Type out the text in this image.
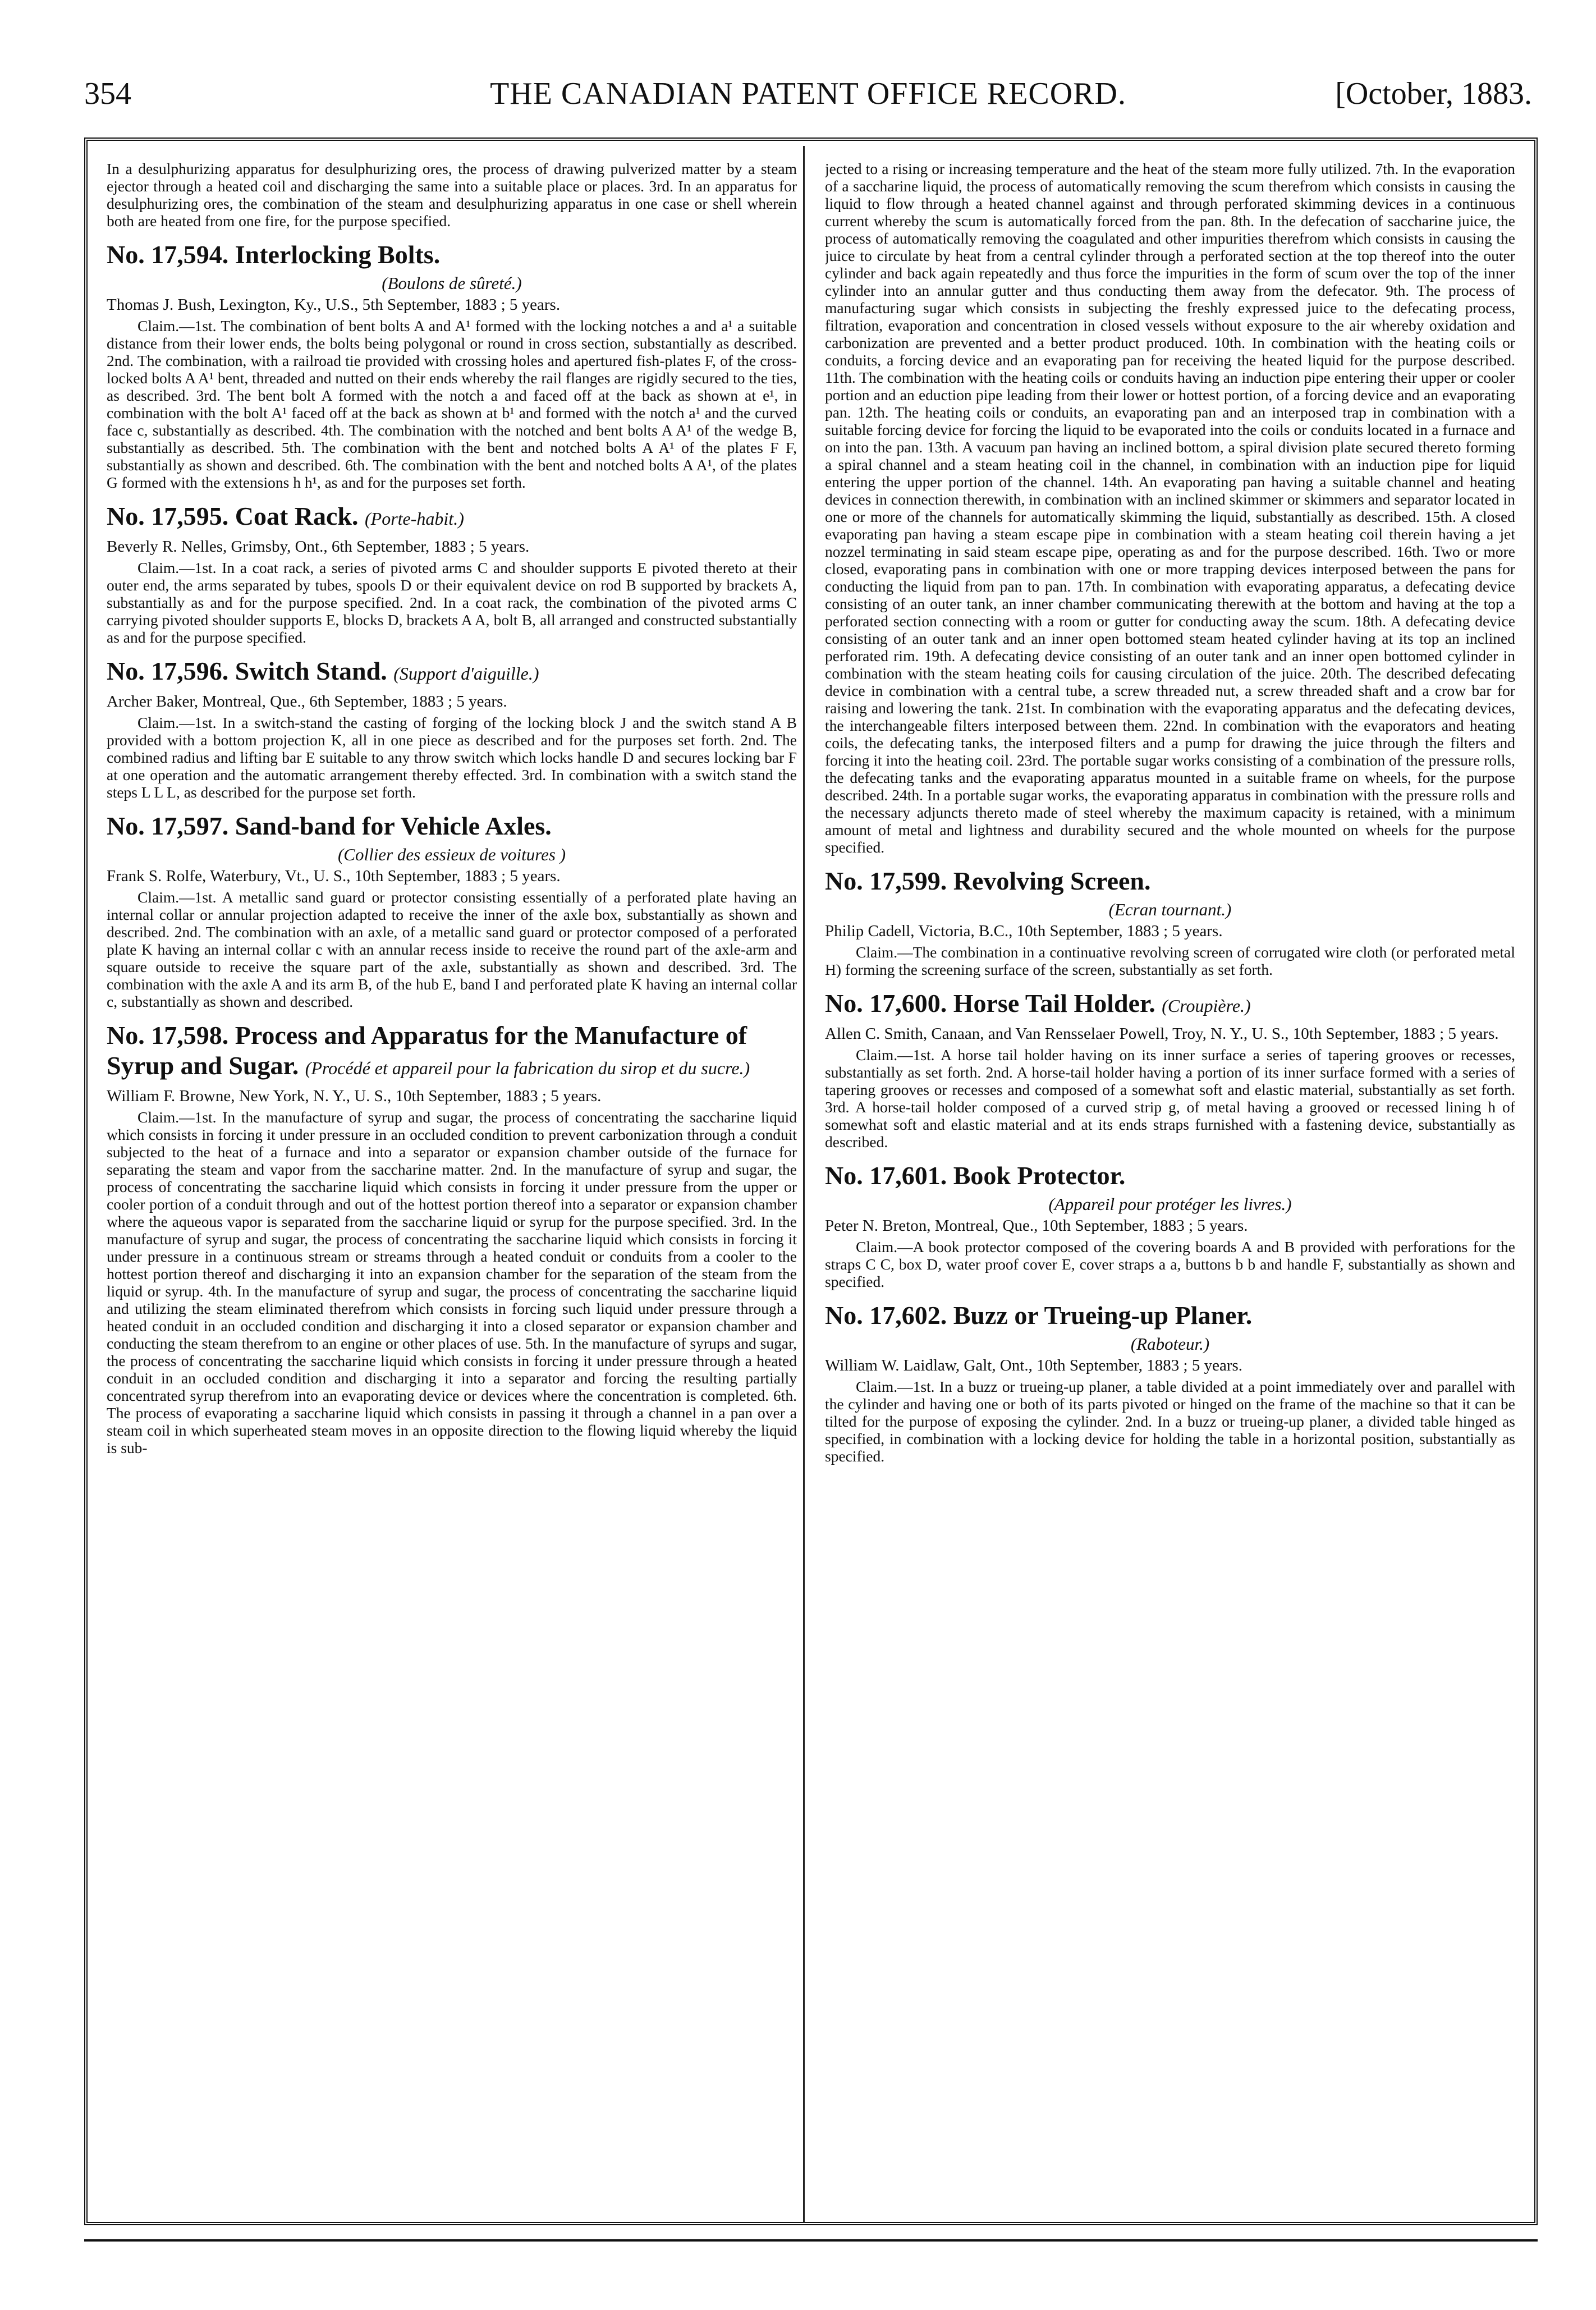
354	THE CANADIAN PATENT OFFICE RECORD.	[October, 1883.

In a desulphurizing apparatus for desulphurizing ores, the process of drawing pulverized matter by a steam ejector through a heated coil and discharging the same into a suitable place or places. 3rd. In an apparatus for desulphurizing ores, the combination of the steam and desulphurizing apparatus in one case or shell wherein both are heated from one fire, for the purpose specified.

No. 17,594. Interlocking Bolts.
(Boulons de sûreté.)
Thomas J. Bush, Lexington, Ky., U.S., 5th September, 1883 ; 5 years.

Claim.—1st. The combination of bent bolts A and A¹ formed with the locking notches a and a¹ a suitable distance from their lower ends, the bolts being polygonal or round in cross section, substantially as described. 2nd. The combination, with a railroad tie provided with crossing holes and apertured fish-plates F, of the cross-locked bolts A A¹ bent, threaded and nutted on their ends whereby the rail flanges are rigidly secured to the ties, as described. 3rd. The bent bolt A formed with the notch a and faced off at the back as shown at e¹, in combination with the bolt A¹ faced off at the back as shown at b¹ and formed with the notch a¹ and the curved face c, substantially as described. 4th. The combination with the notched and bent bolts A A¹ of the wedge B, substantially as described. 5th. The combination with the bent and notched bolts A A¹ of the plates F F, substantially as shown and described. 6th. The combination with the bent and notched bolts A A¹, of the plates G formed with the extensions h h¹, as and for the purposes set forth.

No. 17,595. Coat Rack. (Porte-habit.)
Beverly R. Nelles, Grimsby, Ont., 6th September, 1883 ; 5 years.

Claim.—1st. In a coat rack, a series of pivoted arms C and shoulder supports E pivoted thereto at their outer end, the arms separated by tubes, spools D or their equivalent device on rod B supported by brackets A, substantially as and for the purpose specified. 2nd. In a coat rack, the combination of the pivoted arms C carrying pivoted shoulder supports E, blocks D, brackets A A, bolt B, all arranged and constructed substantially as and for the purpose specified.

No. 17,596. Switch Stand. (Support d'aiguille.)
Archer Baker, Montreal, Que., 6th September, 1883 ; 5 years.

Claim.—1st. In a switch-stand the casting of forging of the locking block J and the switch stand A B provided with a bottom projection K, all in one piece as described and for the purposes set forth. 2nd. The combined radius and lifting bar E suitable to any throw switch which locks handle D and secures locking bar F at one operation and the automatic arrangement thereby effected. 3rd. In combination with a switch stand the steps L L L, as described for the purpose set forth.

No. 17,597. Sand-band for Vehicle Axles.
(Collier des essieux de voitures )
Frank S. Rolfe, Waterbury, Vt., U. S., 10th September, 1883 ; 5 years.

Claim.—1st. A metallic sand guard or protector consisting essentially of a perforated plate having an internal collar or annular projection adapted to receive the inner of the axle box, substantially as shown and described. 2nd. The combination with an axle, of a metallic sand guard or protector composed of a perforated plate K having an internal collar c with an annular recess inside to receive the round part of the axle-arm and square outside to receive the square part of the axle, substantially as shown and described. 3rd. The combination with the axle A and its arm B, of the hub E, band I and perforated plate K having an internal collar c, substantially as shown and described.

No. 17,598. Process and Apparatus for the Manufacture of Syrup and Sugar. (Procédé et appareil pour la fabrication du sirop et du sucre.)
William F. Browne, New York, N. Y., U. S., 10th September, 1883 ; 5 years.

Claim.—1st. In the manufacture of syrup and sugar, the process of concentrating the saccharine liquid which consists in forcing it under pressure in an occluded condition to prevent carbonization through a conduit subjected to the heat of a furnace and into a separator or expansion chamber outside of the furnace for separating the steam and vapor from the saccharine matter. 2nd. In the manufacture of syrup and sugar, the process of concentrating the saccharine liquid which consists in forcing it under pressure from the upper or cooler portion of a conduit through and out of the hottest portion thereof into a separator or expansion chamber where the aqueous vapor is separated from the saccharine liquid or syrup for the purpose specified. 3rd. In the manufacture of syrup and sugar, the process of concentrating the saccharine liquid which consists in forcing it under pressure in a continuous stream or streams through a heated conduit or conduits from a cooler to the hottest portion thereof and discharging it into an expansion chamber for the separation of the steam from the liquid or syrup. 4th. In the manufacture of syrup and sugar, the process of concentrating the saccharine liquid and utilizing the steam eliminated therefrom which consists in forcing such liquid under pressure through a heated conduit in an occluded condition and discharging it into a closed separator or expansion chamber and conducting the steam therefrom to an engine or other places of use. 5th. In the manufacture of syrups and sugar, the process of concentrating the saccharine liquid which consists in forcing it under pressure through a heated conduit in an occluded condition and discharging it into a separator and forcing the resulting partially concentrated syrup therefrom into an evaporating device or devices where the concentration is completed. 6th. The process of evaporating a saccharine liquid which consists in passing it through a channel in a pan over a steam coil in which superheated steam moves in an opposite direction to the flowing liquid whereby the liquid is sub-

jected to a rising or increasing temperature and the heat of the steam more fully utilized. 7th. In the evaporation of a saccharine liquid, the process of automatically removing the scum therefrom which consists in causing the liquid to flow through a heated channel against and through perforated skimming devices in a continuous current whereby the scum is automatically forced from the pan. 8th. In the defecation of saccharine juice, the process of automatically removing the coagulated and other impurities therefrom which consists in causing the juice to circulate by heat from a central cylinder through a perforated section at the top thereof into the outer cylinder and back again repeatedly and thus force the impurities in the form of scum over the top of the inner cylinder into an annular gutter and thus conducting them away from the defecator. 9th. The process of manufacturing sugar which consists in subjecting the freshly expressed juice to the defecating process, filtration, evaporation and concentration in closed vessels without exposure to the air whereby oxidation and carbonization are prevented and a better product produced. 10th. In combination with the heating coils or conduits, a forcing device and an evaporating pan for receiving the heated liquid for the purpose described. 11th. The combination with the heating coils or conduits having an induction pipe entering their upper or cooler portion and an eduction pipe leading from their lower or hottest portion, of a forcing device and an evaporating pan. 12th. The heating coils or conduits, an evaporating pan and an interposed trap in combination with a suitable forcing device for forcing the liquid to be evaporated into the coils or conduits located in a furnace and on into the pan. 13th. A vacuum pan having an inclined bottom, a spiral division plate secured thereto forming a spiral channel and a steam heating coil in the channel, in combination with an induction pipe for liquid entering the upper portion of the channel. 14th. An evaporating pan having a suitable channel and heating devices in connection therewith, in combination with an inclined skimmer or skimmers and separator located in one or more of the channels for automatically skimming the liquid, substantially as described. 15th. A closed evaporating pan having a steam escape pipe in combination with a steam heating coil therein having a jet nozzel terminating in said steam escape pipe, operating as and for the purpose described. 16th. Two or more closed, evaporating pans in combination with one or more trapping devices interposed between the pans for conducting the liquid from pan to pan. 17th. In combination with evaporating apparatus, a defecating device consisting of an outer tank, an inner chamber communicating therewith at the bottom and having at the top a perforated section connecting with a room or gutter for conducting away the scum. 18th. A defecating device consisting of an outer tank and an inner open bottomed steam heated cylinder having at its top an inclined perforated rim. 19th. A defecating device consisting of an outer tank and an inner open bottomed cylinder in combination with the steam heating coils for causing circulation of the juice. 20th. The described defecating device in combination with a central tube, a screw threaded nut, a screw threaded shaft and a crow bar for raising and lowering the tank. 21st. In combination with the evaporating apparatus and the defecating devices, the interchangeable filters interposed between them. 22nd. In combination with the evaporators and heating coils, the defecating tanks, the interposed filters and a pump for drawing the juice through the filters and forcing it into the heating coil. 23rd. The portable sugar works consisting of a combination of the pressure rolls, the defecating tanks and the evaporating apparatus mounted in a suitable frame on wheels, for the purpose described. 24th. In a portable sugar works, the evaporating apparatus in combination with the pressure rolls and the necessary adjuncts thereto made of steel whereby the maximum capacity is retained, with a minimum amount of metal and lightness and durability secured and the whole mounted on wheels for the purpose specified.

No. 17,599. Revolving Screen.
(Ecran tournant.)
Philip Cadell, Victoria, B.C., 10th September, 1883 ; 5 years.

Claim.—The combination in a continuative revolving screen of corrugated wire cloth (or perforated metal H) forming the screening surface of the screen, substantially as set forth.

No. 17,600. Horse Tail Holder. (Croupière.)
Allen C. Smith, Canaan, and Van Rensselaer Powell, Troy, N. Y., U. S., 10th September, 1883 ; 5 years.

Claim.—1st. A horse tail holder having on its inner surface a series of tapering grooves or recesses, substantially as set forth. 2nd. A horse-tail holder having a portion of its inner surface formed with a series of tapering grooves or recesses and composed of a somewhat soft and elastic material, substantially as set forth. 3rd. A horse-tail holder composed of a curved strip g, of metal having a grooved or recessed lining h of somewhat soft and elastic material and at its ends straps furnished with a fastening device, substantially as described.

No. 17,601. Book Protector.
(Appareil pour protéger les livres.)
Peter N. Breton, Montreal, Que., 10th September, 1883 ; 5 years.

Claim.—A book protector composed of the covering boards A and B provided with perforations for the straps C C, box D, water proof cover E, cover straps a a, buttons b b and handle F, substantially as shown and specified.

No. 17,602. Buzz or Trueing-up Planer.
(Raboteur.)
William W. Laidlaw, Galt, Ont., 10th September, 1883 ; 5 years.

Claim.—1st. In a buzz or trueing-up planer, a table divided at a point immediately over and parallel with the cylinder and having one or both of its parts pivoted or hinged on the frame of the machine so that it can be tilted for the purpose of exposing the cylinder. 2nd. In a buzz or trueing-up planer, a divided table hinged as specified, in combination with a locking device for holding the table in a horizontal position, substantially as specified.
